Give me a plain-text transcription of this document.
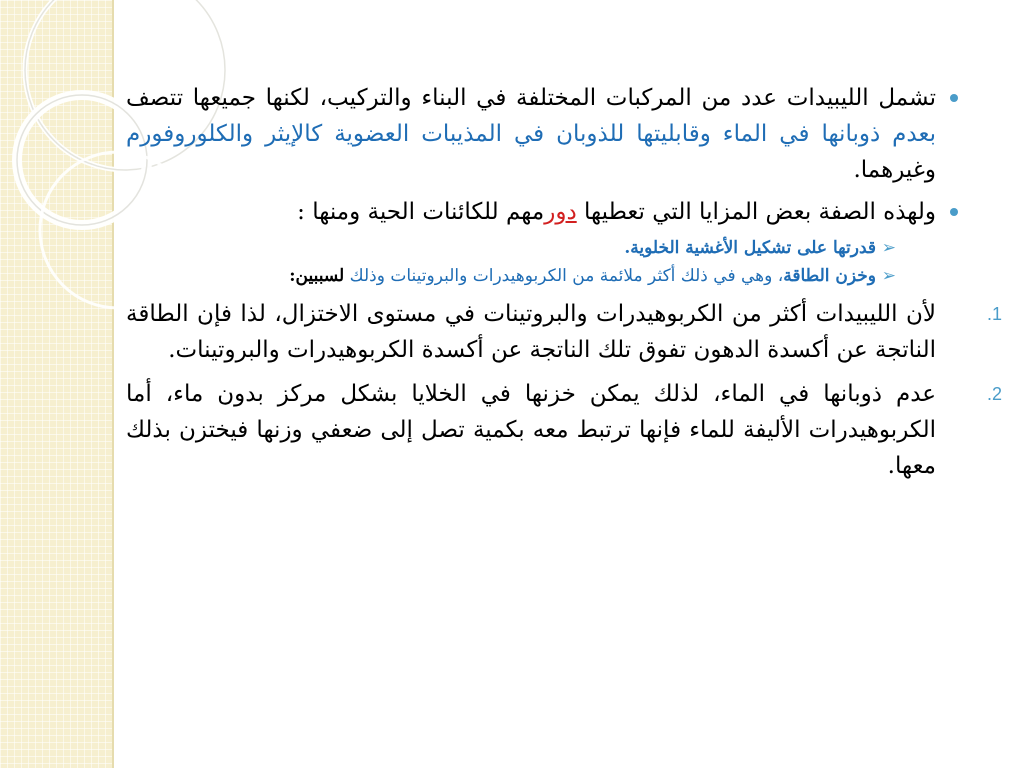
تشمل الليبيدات عدد من المركبات المختلفة في البناء والتركيب، لكنها جميعها تتصف بعدم ذوبانها في الماء وقابليتها للذوبان في المذيبات العضوية كالإيثر والكلوروفورم وغيرهما.
ولهذه الصفة بعض المزايا التي تعطيها دورمهم للكائنات الحية ومنها :
➢
قدرتها على تشكيل الأغشية الخلوية.
➢
وخزن الطاقة، وهي في ذلك أكثر ملائمة من الكربوهيدرات والبروتينات وذلك لسببين:
1.
لأن الليبيدات أكثر من الكربوهيدرات والبروتينات في مستوى الاختزال، لذا فإن الطاقة الناتجة عن أكسدة الدهون تفوق تلك الناتجة عن أكسدة الكربوهيدرات والبروتينات.
2.
عدم ذوبانها في الماء، لذلك يمكن خزنها في الخلايا بشكل مركز بدون ماء، أما الكربوهيدرات الأليفة للماء فإنها ترتبط معه بكمية تصل إلى ضعفي وزنها فيختزن بذلك معها.
